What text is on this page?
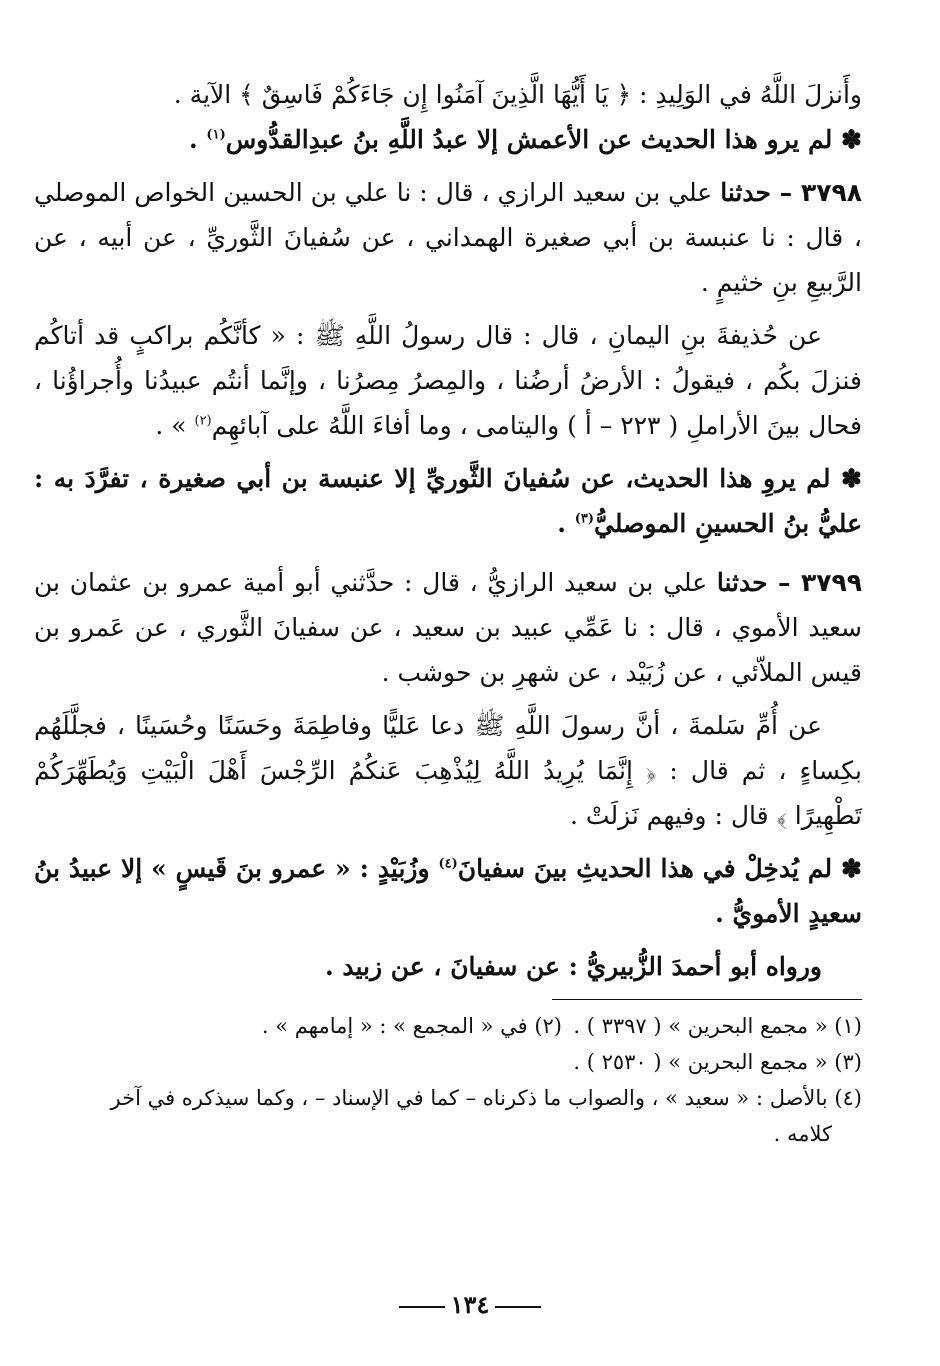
وأَنزلَ اللَّهُ في الوَلِيدِ : ﴿ يَا أَيُّهَا الَّذِينَ آمَنُوا إِن جَاءَكُمْ فَاسِقٌ ﴾ الآية .

✽ لم يرو هذا الحديث عن الأعمش إلا عبدُ اللَّهِ بنُ عبدِالقدُّوس$^{(١)}$ .

٣٧٩٨ – حدثنا علي بن سعيد الرازي ، قال : نا علي بن الحسين الخواص الموصلي ، قال : نا عنبسة بن أبي صغيرة الهمداني ، عن سُفيانَ الثَّوريِّ ، عن أبيه ، عن الرَّبيعِ بنِ خثيمٍ .

عن حُذيفةَ بنِ اليمانِ ، قال : قال رسولُ اللَّهِ ﷺ : « كأنَّكُم براكبٍ قد أتاكُم فنزلَ بكُم ، فيقولُ : الأرضُ أرضُنا ، والمِصرُ مِصرُنا ، وإنَّما أنتُم عبيدُنا وأُجراؤُنا ، فحال بينَ الأراملِ ( ٢٢٣ – أ ) واليتامى ، وما أفاءَ اللَّهُ على آبائهِم$^{(٢)}$ » .

✽ لم يروِ هذا الحديث، عن سُفيانَ الثَّوريِّ إلا عنبسة بن أبي صغيرة ، تفرَّدَ به : عليُّ بنُ الحسينِ الموصليُّ$^{(٣)}$ .

٣٧٩٩ – حدثنا علي بن سعيد الرازيُّ ، قال : حدَّثني أبو أمية عمرو بن عثمان بن سعيد الأموي ، قال : نا عَمِّي عبيد بن سعيد ، عن سفيانَ الثَّوري ، عن عَمرو بن قيس الملاّئي ، عن زُبَيْد ، عن شهرِ بن حوشب .

عن أُمِّ سَلمةَ ، أنَّ رسولَ اللَّهِ ﷺ دعا عَليًّا وفاطِمَةَ وحَسَنًا وحُسَينًا ، فجلَّلَهُم بكِساءٍ ، ثم قال : ﴿ إِنَّمَا يُرِيدُ اللَّهُ لِيُذْهِبَ عَنكُمُ الرِّجْسَ أَهْلَ الْبَيْتِ وَيُطَهِّرَكُمْ تَطْهِيرًا ﴾ قال : وفيهم نَزلَتْ .

✽ لم يُدخِلْ في هذا الحديثِ بينَ سفيانَ$^{(٤)}$ وزُبَيْدٍ : « عمرو بنَ قَيسٍ » إلا عبيدُ بنُ سعيدٍ الأمويُّ .

ورواه أبو أحمدَ الزُّبيريُّ : عن سفيانَ ، عن زبيد .

(١) « مجمع البحرين » ( ٣٣٩٧ ) .
(٢) في « المجمع » : « إمامهم » .
(٣) « مجمع البحرين » ( ٢٥٣٠ ) .
(٤) بالأصل : « سعيد » ، والصواب ما ذكرناه – كما في الإسناد – ، وكما سيذكره في آخر
كلامه .
١٣٤
